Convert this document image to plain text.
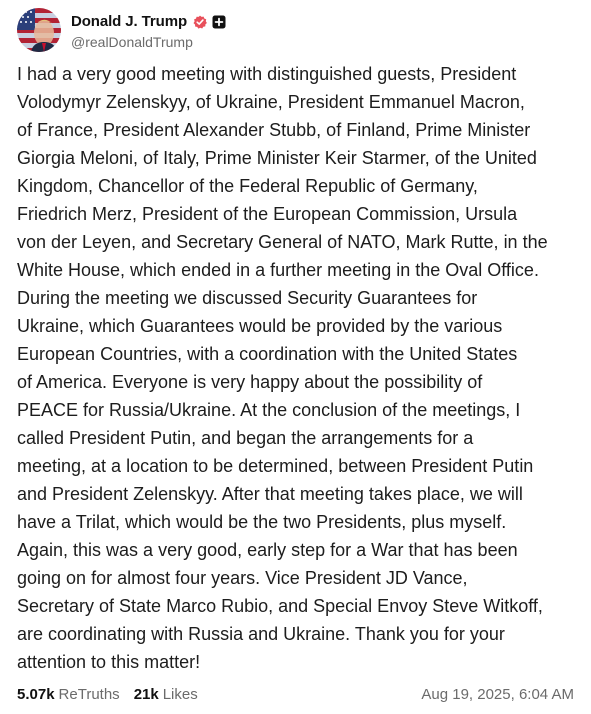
Donald J. Trump
@realDonaldTrump
I had a very good meeting with distinguished guests, President
Volodymyr Zelenskyy, of Ukraine, President Emmanuel Macron,
of France, President Alexander Stubb, of Finland, Prime Minister
Giorgia Meloni, of Italy, Prime Minister Keir Starmer, of the United
Kingdom, Chancellor of the Federal Republic of Germany,
Friedrich Merz, President of the European Commission, Ursula
von der Leyen, and Secretary General of NATO, Mark Rutte, in the
White House, which ended in a further meeting in the Oval Office.
During the meeting we discussed Security Guarantees for
Ukraine, which Guarantees would be provided by the various
European Countries, with a coordination with the United States
of America. Everyone is very happy about the possibility of
PEACE for Russia/Ukraine. At the conclusion of the meetings, I
called President Putin, and began the arrangements for a
meeting, at a location to be determined, between President Putin
and President Zelenskyy. After that meeting takes place, we will
have a Trilat, which would be the two Presidents, plus myself.
Again, this was a very good, early step for a War that has been
going on for almost four years. Vice President JD Vance,
Secretary of State Marco Rubio, and Special Envoy Steve Witkoff,
are coordinating with Russia and Ukraine. Thank you for your
attention to this matter!
5.07k ReTruths 21k Likes	Aug 19, 2025, 6:04 AM
